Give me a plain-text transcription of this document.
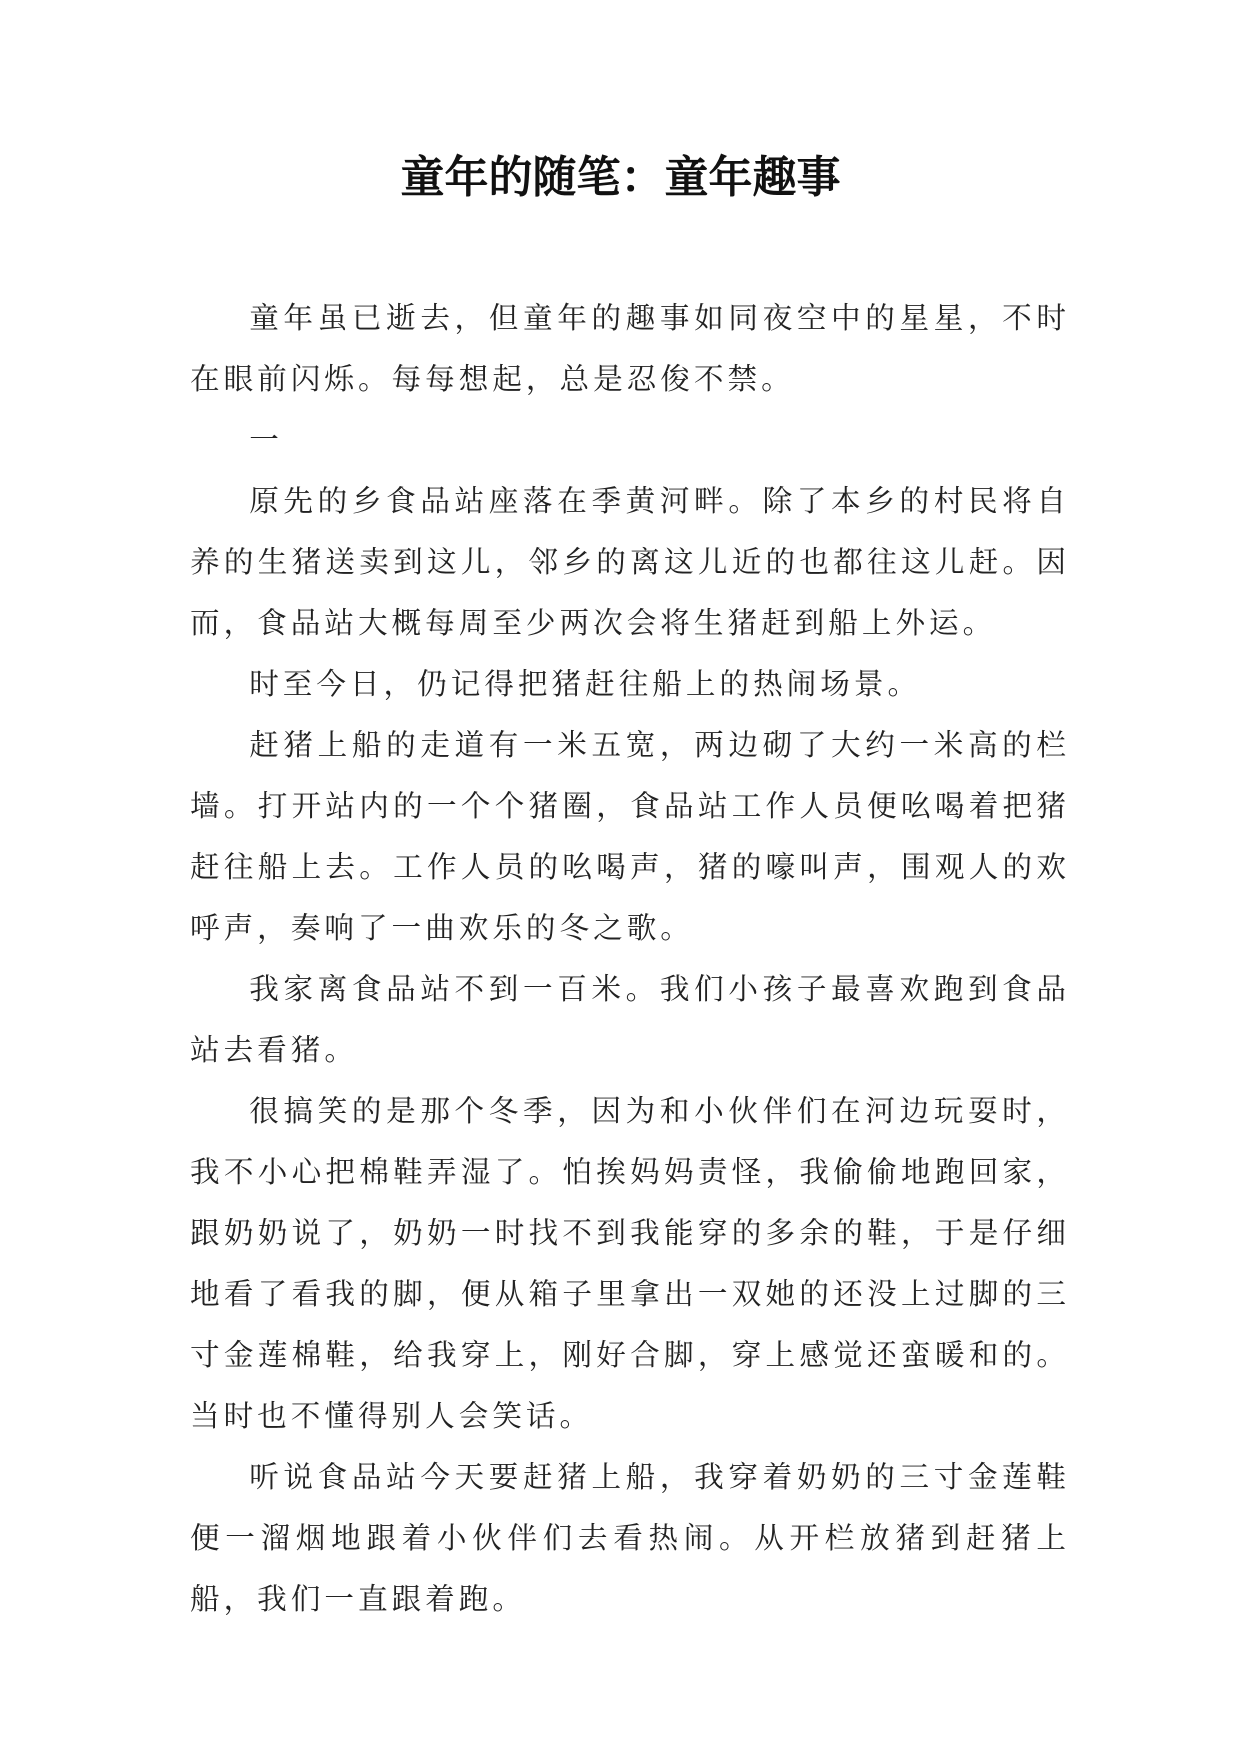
童年的随笔：童年趣事

童年虽已逝去，但童年的趣事如同夜空中的星星，不时在眼前闪烁。每每想起，总是忍俊不禁。

一

原先的乡食品站座落在季黄河畔。除了本乡的村民将自养的生猪送卖到这儿，邻乡的离这儿近的也都往这儿赶。因而，食品站大概每周至少两次会将生猪赶到船上外运。

时至今日，仍记得把猪赶往船上的热闹场景。

赶猪上船的走道有一米五宽，两边砌了大约一米高的栏墙。打开站内的一个个猪圈，食品站工作人员便吆喝着把猪赶往船上去。工作人员的吆喝声，猪的嚎叫声，围观人的欢呼声，奏响了一曲欢乐的冬之歌。

我家离食品站不到一百米。我们小孩子最喜欢跑到食品站去看猪。

很搞笑的是那个冬季，因为和小伙伴们在河边玩耍时，我不小心把棉鞋弄湿了。怕挨妈妈责怪，我偷偷地跑回家，跟奶奶说了，奶奶一时找不到我能穿的多余的鞋，于是仔细地看了看我的脚，便从箱子里拿出一双她的还没上过脚的三寸金莲棉鞋，给我穿上，刚好合脚，穿上感觉还蛮暖和的。当时也不懂得别人会笑话。

听说食品站今天要赶猪上船，我穿着奶奶的三寸金莲鞋便一溜烟地跟着小伙伴们去看热闹。从开栏放猪到赶猪上船，我们一直跟着跑。
